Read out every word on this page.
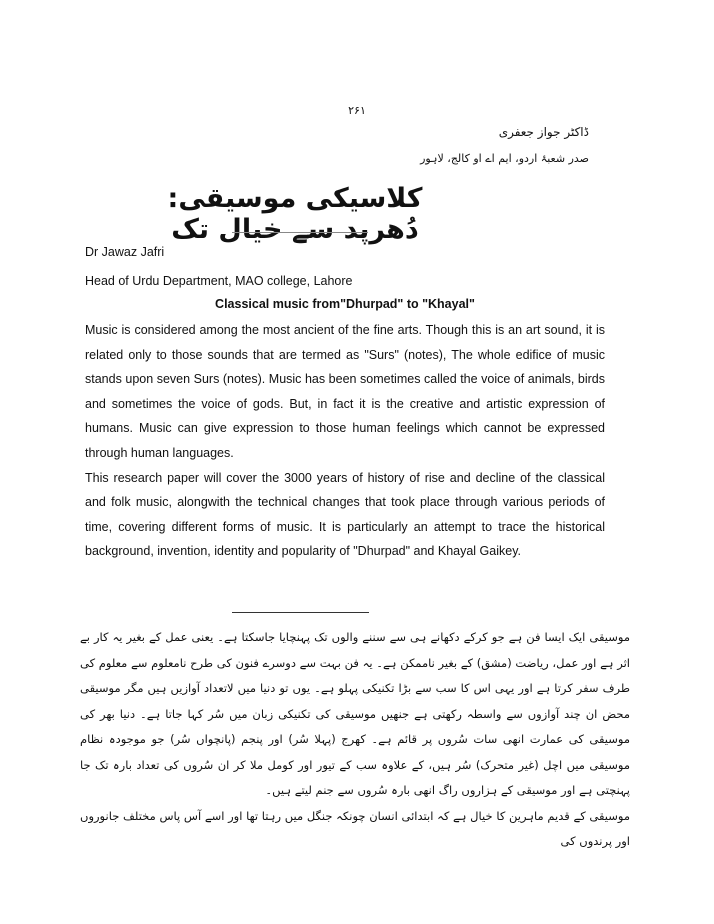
۲۶۱
ڈاکٹر جواز جعفری
صدر شعبۂ اردو، ایم اے او کالج، لاہور
کلاسیکی موسیقی: دُھرپد سے خیال تک
Dr Jawaz Jafri
Head of Urdu Department, MAO college, Lahore
Classical music from"Dhurpad" to "Khayal"

Music is considered among the most ancient of the fine arts. Though this is an art sound, it is related only to those sounds that are termed as "Surs" (notes), The whole edifice of music stands upon seven Surs (notes). Music has been sometimes called the voice of animals, birds and sometimes the voice of gods. But, in fact it is the creative and artistic expression of humans. Music can give expression to those human feelings which cannot be expressed through human languages.

This research paper will cover the 3000 years of history of rise and decline of the classical and folk music, alongwith the technical changes that took place through various periods of time, covering different forms of music. It is particularly an attempt to trace the historical background, invention, identity and popularity of "Dhurpad" and Khayal Gaikey.

موسیقی ایک ایسا فن ہے جو کرکے دکھانے ہی سے سننے والوں تک پہنچایا جاسکتا ہے۔ یعنی عمل کے بغیر یہ کار بے اثر ہے اور عمل، ریاضت (مشق) کے بغیر ناممکن ہے۔ یہ فن بہت سے دوسرے فنون کی طرح نامعلوم سے معلوم کی طرف سفر کرتا ہے اور یہی اس کا سب سے بڑا تکنیکی پہلو ہے۔ یوں تو دنیا میں لاتعداد آوازیں ہیں مگر موسیقی محض ان چند آوازوں سے واسطہ رکھتی ہے جنھیں موسیقی کی تکنیکی زبان میں سُر کہا جاتا ہے۔ دنیا بھر کی موسیقی کی عمارت انھی سات سُروں پر قائم ہے۔ کھرج (پہلا سُر) اور پنجم (پانچواں سُر) جو موجودہ نظام موسیقی میں اچل (غیر متحرک) سُر ہیں، کے علاوہ سب کے تیور اور کومل ملا کر ان سُروں کی تعداد بارہ تک جا پہنچتی ہے اور موسیقی کے ہزاروں راگ انھی بارہ سُروں سے جنم لیتے ہیں۔

موسیقی کے قدیم ماہرین کا خیال ہے کہ ابتدائی انسان چونکہ جنگل میں رہتا تھا اور اسے آس پاس مختلف جانوروں اور پرندوں کی
